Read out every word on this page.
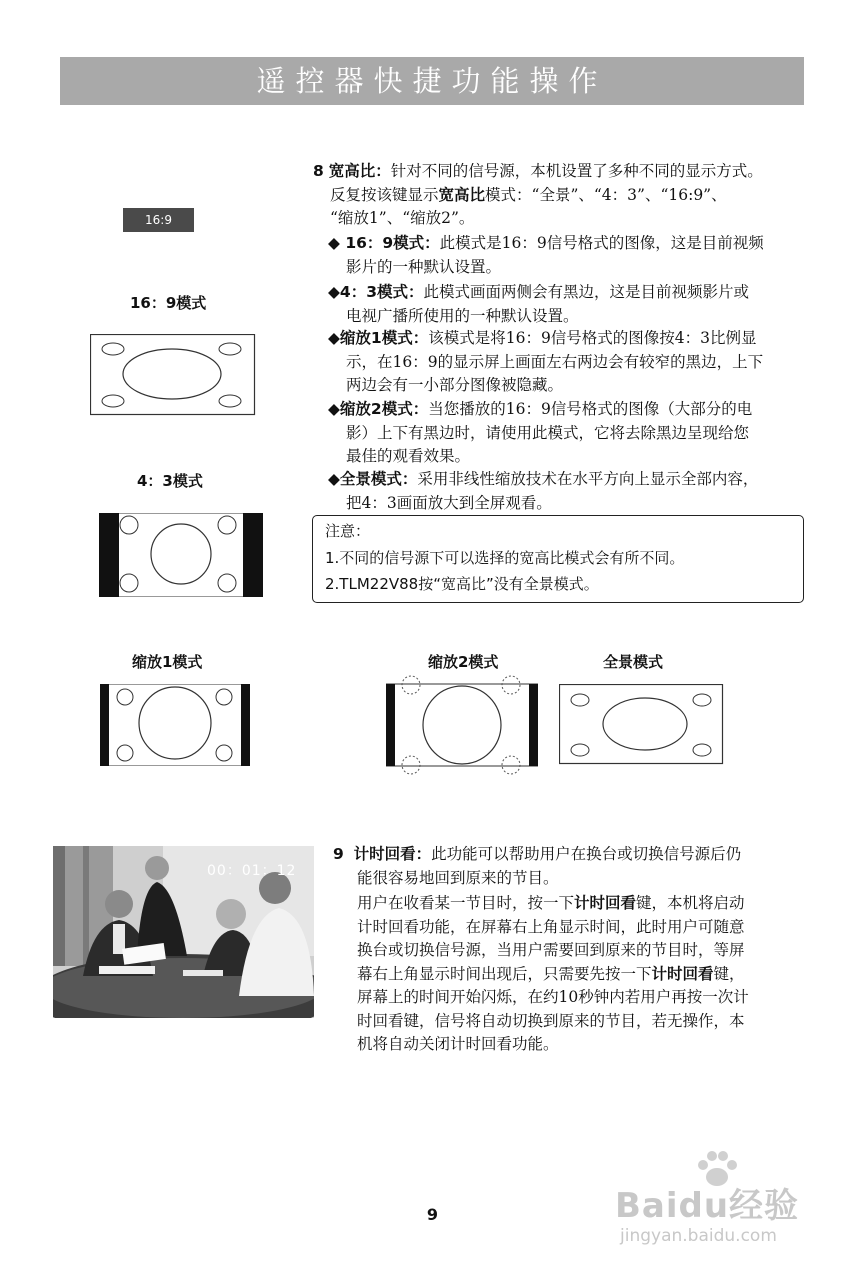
遥控器快捷功能操作
16:9
16：9模式
4：3模式
缩放1模式	缩放2模式	全景模式
8 宽高比：针对不同的信号源，本机设置了多种不同的显示方式。
反复按该键显示宽高比模式：“全景”、“4：3”、“16:9”、
“缩放1”、“缩放2”。
◆ 16：9模式：此模式是16：9信号格式的图像，这是目前视频
影片的一种默认设置。
◆4：3模式：此模式画面两侧会有黑边，这是目前视频影片或
电视广播所使用的一种默认设置。
◆缩放1模式：该模式是将16：9信号格式的图像按4：3比例显
示，在16：9的显示屏上画面左右两边会有较窄的黑边，上下
两边会有一小部分图像被隐藏。
◆缩放2模式：当您播放的16：9信号格式的图像（大部分的电
影）上下有黑边时，请使用此模式，它将去除黑边呈现给您
最佳的观看效果。
◆全景模式：采用非线性缩放技术在水平方向上显示全部内容，
把4：3画面放大到全屏观看。
注意：
1.不同的信号源下可以选择的宽高比模式会有所不同。
2.TLM22V88按“宽高比”没有全景模式。
00：01：12
9 计时回看：此功能可以帮助用户在换台或切换信号源后仍
能很容易地回到原来的节目。
用户在收看某一节目时，按一下计时回看键，本机将启动
计时回看功能，在屏幕右上角显示时间，此时用户可随意
换台或切换信号源，当用户需要回到原来的节目时，等屏
幕右上角显示时间出现后，只需要先按一下计时回看键，
屏幕上的时间开始闪烁，在约10秒钟内若用户再按一次计
时回看键，信号将自动切换到原来的节目，若无操作，本
机将自动关闭计时回看功能。
9	Baidu经验
jingyan.baidu.com
